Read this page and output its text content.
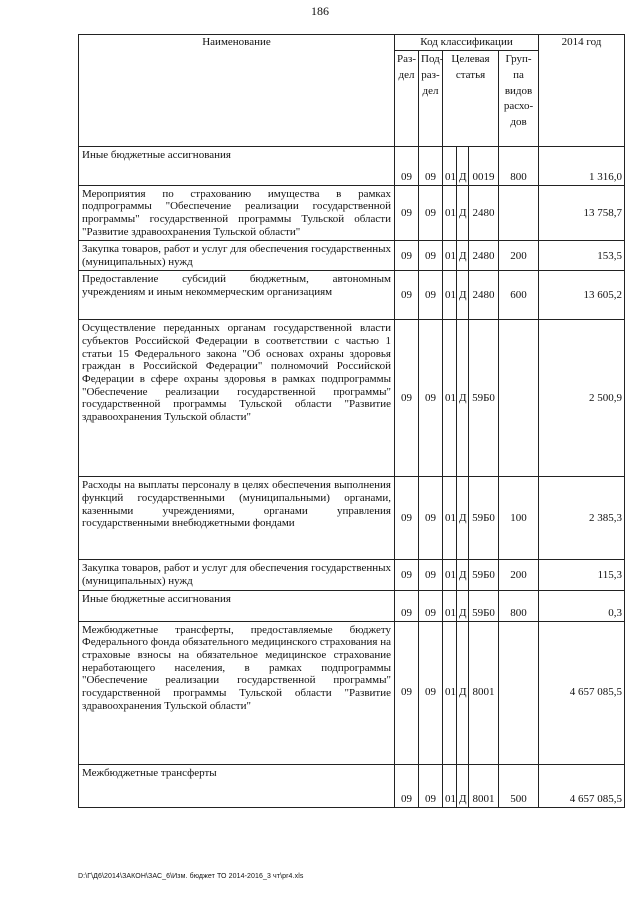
186
Наименование	Код классификации						2014 год
	Раз-дел	Под-раз-дел	Целевая статья			Груп-па видов расхо-дов	
Иные бюджетные ассигнования	09	09	01	Д	0019	800	1 316,0
Мероприятия по страхованию имущества в рамках подпрограммы "Обеспечение реализации государственной программы" государственной программы Тульской области "Развитие здравоохранения Тульской области"	09	09	01	Д	2480		13 758,7
Закупка товаров, работ и услуг для обеспечения государственных (муниципальных) нужд	09	09	01	Д	2480	200	153,5
Предоставление субсидий бюджетным, автономным учреждениям и иным некоммерческим организациям	09	09	01	Д	2480	600	13 605,2
Осуществление переданных органам государственной власти субъектов Российской Федерации в соответствии с частью 1 статьи 15 Федерального закона "Об основах охраны здоровья граждан в Российской Федерации" полномочий Российской Федерации в сфере охраны здоровья в рамках подпрограммы "Обеспечение реализации государственной программы" государственной программы Тульской области "Развитие здравоохранения Тульской области"	09	09	01	Д	59Б0		2 500,9
Расходы на выплаты персоналу в целях обеспечения выполнения функций государственными (муниципальными) органами, казенными учреждениями, органами управления государственными внебюджетными фондами	09	09	01	Д	59Б0	100	2 385,3
Закупка товаров, работ и услуг для обеспечения государственных (муниципальных) нужд	09	09	01	Д	59Б0	200	115,3
Иные бюджетные ассигнования	09	09	01	Д	59Б0	800	0,3
Межбюджетные трансферты, предоставляемые бюджету Федерального фонда обязательного медицинского страхования на страховые взносы на обязательное медицинское страхование неработающего населения, в рамках подпрограммы "Обеспечение реализации государственной программы" государственной программы Тульской области "Развитие здравоохранения Тульской области"	09	09	01	Д	8001		4 657 085,5
Межбюджетные трансферты	09	09	01	Д	8001	500	4 657 085,5
D:\Г\Д6\2014\ЗАКОН\ЗАС_6\Изм. бюджет ТО 2014-2016_3 чт\pr4.xls
